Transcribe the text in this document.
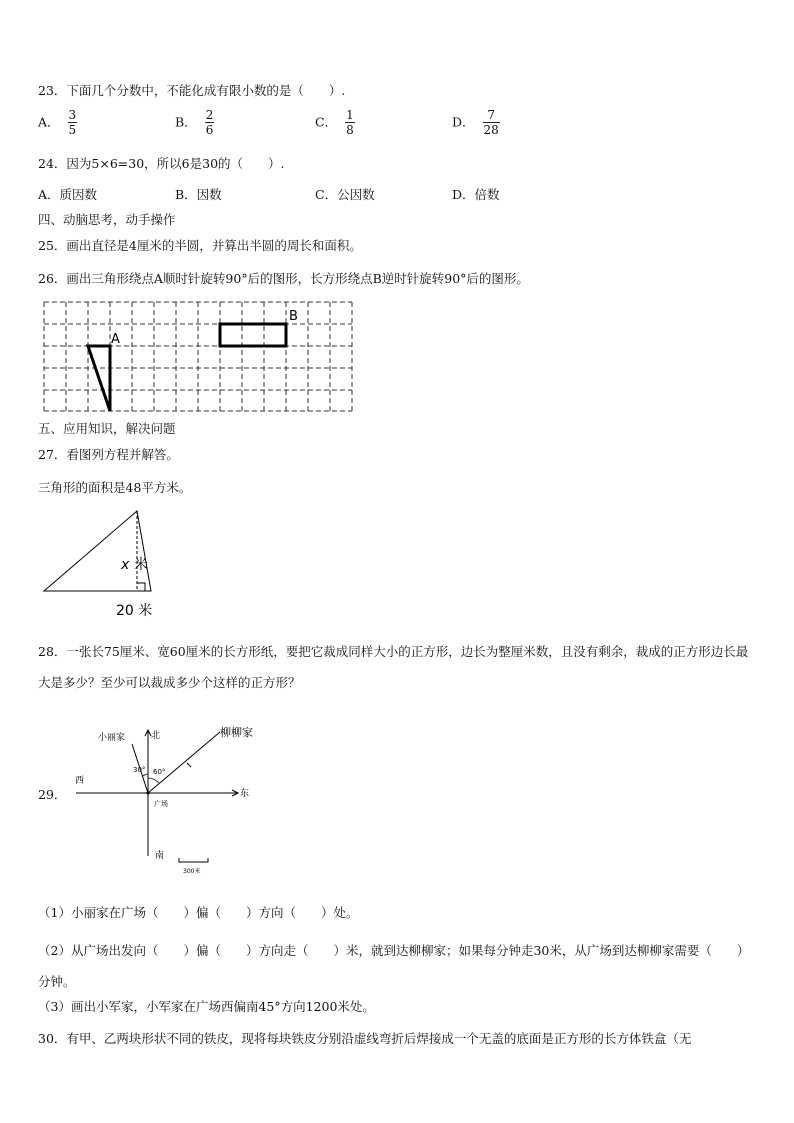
23．下面几个分数中，不能化成有限小数的是（　　）.
A． $\frac{3}{5}$	B． $\frac{2}{6}$	C． $\frac{1}{8}$	D． $\frac{7}{28}$
24．因为5×6=30，所以6是30的（　　）.
A．质因数	B．因数	C．公因数	D．倍数
四、动脑思考，动手操作
25．画出直径是4厘米的半圆，并算出半圆的周长和面积。
26．画出三角形绕点A顺时针旋转90°后的图形，长方形绕点B逆时针旋转90°后的图形。
A
B
五、应用知识，解决问题
27．看图列方程并解答。
三角形的面积是48平方米。
x 米
20 米
28．一张长75厘米、宽60厘米的长方形纸，要把它裁成同样大小的正方形，边长为整厘米数，且没有剩余，裁成的正方形边长最大是多少？至少可以裁成多少个这样的正方形？
29．
北
南
东
西
广场
小丽家	柳柳家
30° 60°
300米
（1）小丽家在广场（　　）偏（　　）方向（　　）处。
（2）从广场出发向（　　）偏（　　）方向走（　　）米，就到达柳柳家；如果每分钟走30米，从广场到达柳柳家需要（　　）分钟。
（3）画出小军家，小军家在广场西偏南45°方向1200米处。
30．有甲、乙两块形状不同的铁皮，现将每块铁皮分别沿虚线弯折后焊接成一个无盖的底面是正方形的长方体铁盒（无
